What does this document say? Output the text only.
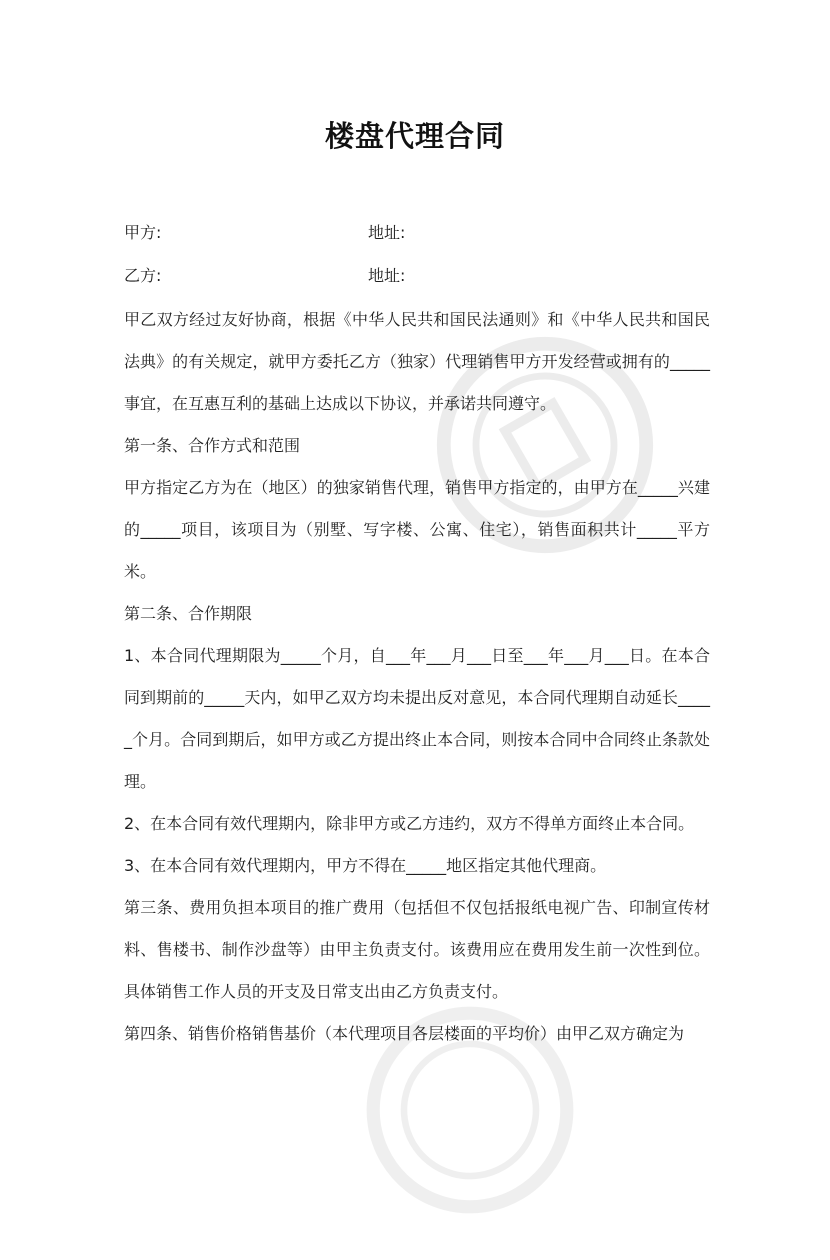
楼盘代理合同
甲方:	地址:
乙方:	地址:

甲乙双方经过友好协商，根据《中华人民共和国民法通则》和《中华人民共和国民法典》的有关规定，就甲方委托乙方（独家）代理销售甲方开发经营或拥有的_____事宜，在互惠互利的基础上达成以下协议，并承诺共同遵守。

第一条、合作方式和范围

甲方指定乙方为在（地区）的独家销售代理，销售甲方指定的，由甲方在_____兴建的_____项目，该项目为（别墅、写字楼、公寓、住宅），销售面积共计_____平方米。

第二条、合作期限

1、本合同代理期限为_____个月，自___年___月___日至___年___月___日。在本合同到期前的_____天内，如甲乙双方均未提出反对意见，本合同代理期自动延长_____个月。合同到期后，如甲方或乙方提出终止本合同，则按本合同中合同终止条款处理。

2、在本合同有效代理期内，除非甲方或乙方违约，双方不得单方面终止本合同。

3、在本合同有效代理期内，甲方不得在_____地区指定其他代理商。

第三条、费用负担本项目的推广费用（包括但不仅包括报纸电视广告、印制宣传材料、售楼书、制作沙盘等）由甲主负责支付。该费用应在费用发生前一次性到位。具体销售工作人员的开支及日常支出由乙方负责支付。

第四条、销售价格销售基价（本代理项目各层楼面的平均价）由甲乙双方确定为
